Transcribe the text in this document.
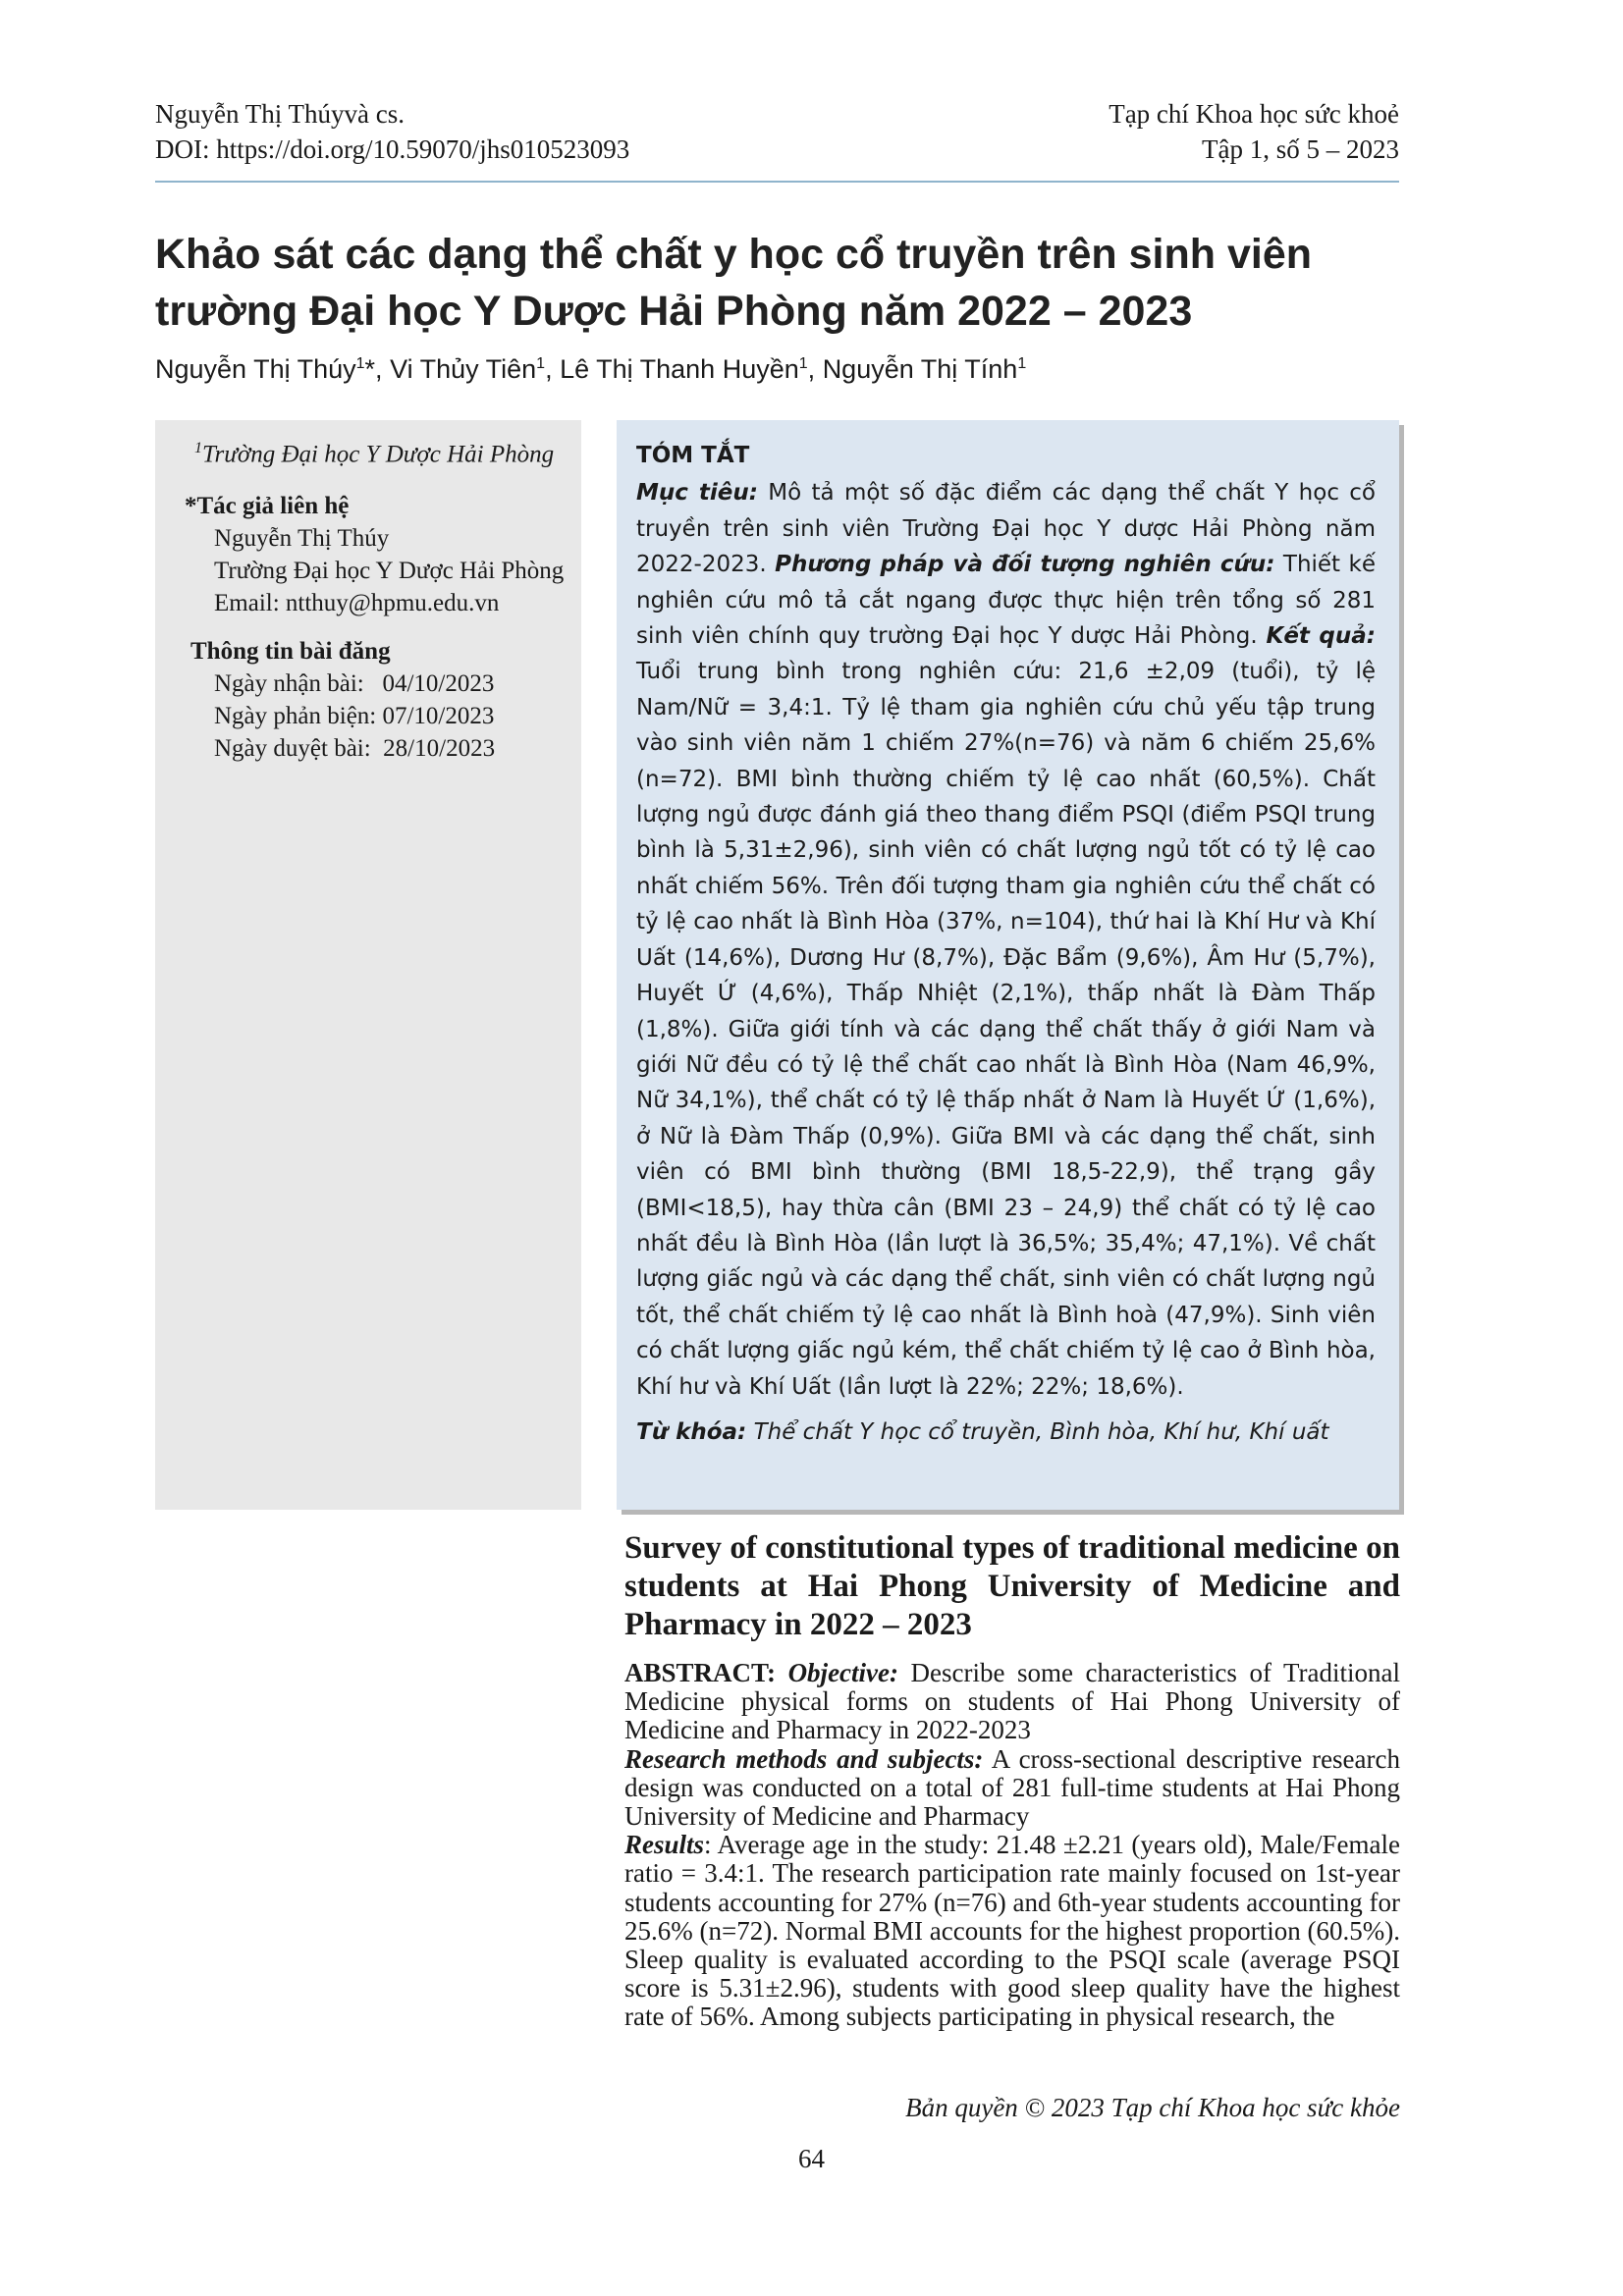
Nguyễn Thị Thúyvà cs.
DOI: https://doi.org/10.59070/jhs010523093
Tạp chí Khoa học sức khoẻ
Tập 1, số 5 – 2023
Khảo sát các dạng thể chất y học cổ truyền trên sinh viên
trường Đại học Y Dược Hải Phòng năm 2022 – 2023
Nguyễn Thị Thúy$^1$*, Vi Thủy Tiên$^1$, Lê Thị Thanh Huyền$^1$, Nguyễn Thị Tính$^1$
$^1$Trường Đại học Y Dược Hải Phòng
*Tác giả liên hệ
Nguyễn Thị Thúy
Trường Đại học Y Dược Hải Phòng
Email: ntthuy@hpmu.edu.vn
Thông tin bài đăng
Ngày nhận bài:   04/10/2023
Ngày phản biện: 07/10/2023
Ngày duyệt bài:  28/10/2023
TÓM TẮT
Mục tiêu: Mô tả một số đặc điểm các dạng thể chất Y học cổ truyền trên sinh viên Trường Đại học Y dược Hải Phòng năm 2022-2023. Phương pháp và đối tượng nghiên cứu: Thiết kế nghiên cứu mô tả cắt ngang được thực hiện trên tổng số 281 sinh viên chính quy trường Đại học Y dược Hải Phòng. Kết quả: Tuổi trung bình trong nghiên cứu: 21,6 ±2,09 (tuổi), tỷ lệ Nam/Nữ = 3,4:1. Tỷ lệ tham gia nghiên cứu chủ yếu tập trung vào sinh viên năm 1 chiếm 27%(n=76) và năm 6 chiếm 25,6% (n=72). BMI bình thường chiếm tỷ lệ cao nhất (60,5%). Chất lượng ngủ được đánh giá theo thang điểm PSQI (điểm PSQI trung bình là 5,31±2,96), sinh viên có chất lượng ngủ tốt có tỷ lệ cao nhất chiếm 56%. Trên đối tượng tham gia nghiên cứu thể chất có tỷ lệ cao nhất là Bình Hòa (37%, n=104), thứ hai là Khí Hư và Khí Uất (14,6%), Dương Hư (8,7%), Đặc Bẩm (9,6%), Âm Hư (5,7%), Huyết Ứ (4,6%), Thấp Nhiệt (2,1%), thấp nhất là Đàm Thấp (1,8%). Giữa giới tính và các dạng thể chất thấy ở giới Nam và giới Nữ đều có tỷ lệ thể chất cao nhất là Bình Hòa (Nam 46,9%, Nữ 34,1%), thể chất có tỷ lệ thấp nhất ở Nam là Huyết Ứ (1,6%), ở Nữ là Đàm Thấp (0,9%). Giữa BMI và các dạng thể chất, sinh viên có BMI bình thường (BMI 18,5-22,9), thể trạng gầy (BMI<18,5), hay thừa cân (BMI 23 – 24,9) thể chất có tỷ lệ cao nhất đều là Bình Hòa (lần lượt là 36,5%; 35,4%; 47,1%). Về chất lượng giấc ngủ và các dạng thể chất, sinh viên có chất lượng ngủ tốt, thể chất chiếm tỷ lệ cao nhất là Bình hoà (47,9%). Sinh viên có chất lượng giấc ngủ kém, thể chất chiếm tỷ lệ cao ở Bình hòa, Khí hư và Khí Uất (lần lượt là 22%; 22%; 18,6%).
Từ khóa: Thể chất Y học cổ truyền, Bình hòa, Khí hư, Khí uất
Survey of constitutional types of traditional medicine on students at Hai Phong University of Medicine and Pharmacy in 2022 – 2023

ABSTRACT: Objective: Describe some characteristics of Traditional Medicine physical forms on students of Hai Phong University of Medicine and Pharmacy in 2022-2023

Research methods and subjects: A cross-sectional descriptive research design was conducted on a total of 281 full-time students at Hai Phong University of Medicine and Pharmacy

Results: Average age in the study: 21.48 ±2.21 (years old), Male/Female ratio = 3.4:1. The research participation rate mainly focused on 1st-year students accounting for 27% (n=76) and 6th-year students accounting for 25.6% (n=72). Normal BMI accounts for the highest proportion (60.5%). Sleep quality is evaluated according to the PSQI scale (average PSQI score is 5.31±2.96), students with good sleep quality have the highest rate of 56%. Among subjects participating in physical research, the

Bản quyền © 2023 Tạp chí Khoa học sức khỏe
64
